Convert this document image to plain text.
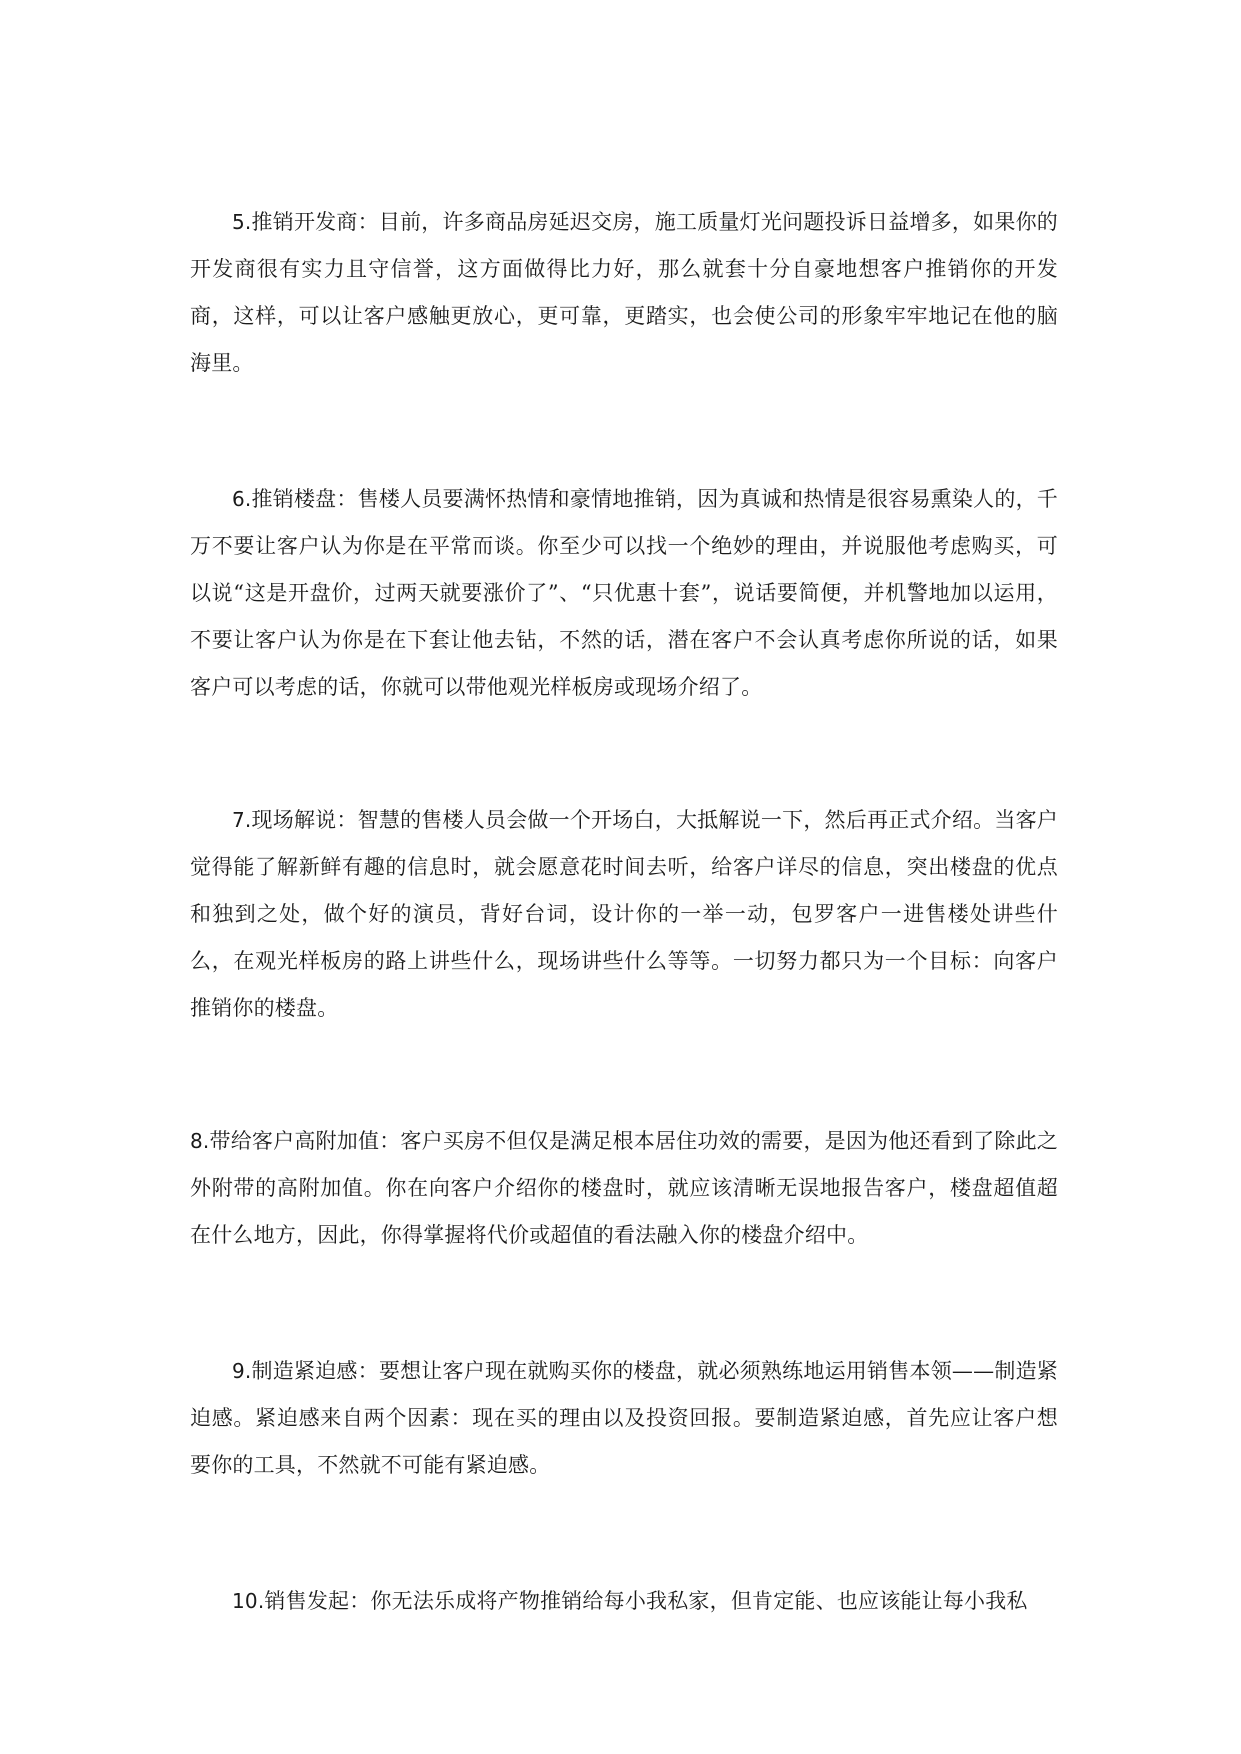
5.推销开发商：目前，许多商品房延迟交房，施工质量灯光问题投诉日益增多，如果你的开发商很有实力且守信誉，这方面做得比力好，那么就套十分自豪地想客户推销你的开发商，这样，可以让客户感触更放心，更可靠，更踏实，也会使公司的形象牢牢地记在他的脑海里。

6.推销楼盘：售楼人员要满怀热情和豪情地推销，因为真诚和热情是很容易熏染人的，千万不要让客户认为你是在平常而谈。你至少可以找一个绝妙的理由，并说服他考虑购买，可以说“这是开盘价，过两天就要涨价了”、“只优惠十套”，说话要简便，并机警地加以运用，不要让客户认为你是在下套让他去钻，不然的话，潜在客户不会认真考虑你所说的话，如果客户可以考虑的话，你就可以带他观光样板房或现场介绍了。

7.现场解说：智慧的售楼人员会做一个开场白，大抵解说一下，然后再正式介绍。当客户觉得能了解新鲜有趣的信息时，就会愿意花时间去听，给客户详尽的信息，突出楼盘的优点和独到之处，做个好的演员，背好台词，设计你的一举一动，包罗客户一进售楼处讲些什么，在观光样板房的路上讲些什么，现场讲些什么等等。一切努力都只为一个目标：向客户推销你的楼盘。

8.带给客户高附加值：客户买房不但仅是满足根本居住功效的需要，是因为他还看到了除此之外附带的高附加值。你在向客户介绍你的楼盘时，就应该清晰无误地报告客户，楼盘超值超在什么地方，因此，你得掌握将代价或超值的看法融入你的楼盘介绍中。

9.制造紧迫感：要想让客户现在就购买你的楼盘，就必须熟练地运用销售本领——制造紧迫感。紧迫感来自两个因素：现在买的理由以及投资回报。要制造紧迫感，首先应让客户想要你的工具，不然就不可能有紧迫感。

10.销售发起：你无法乐成将产物推销给每小我私家，但肯定能、也应该能让每小我私
